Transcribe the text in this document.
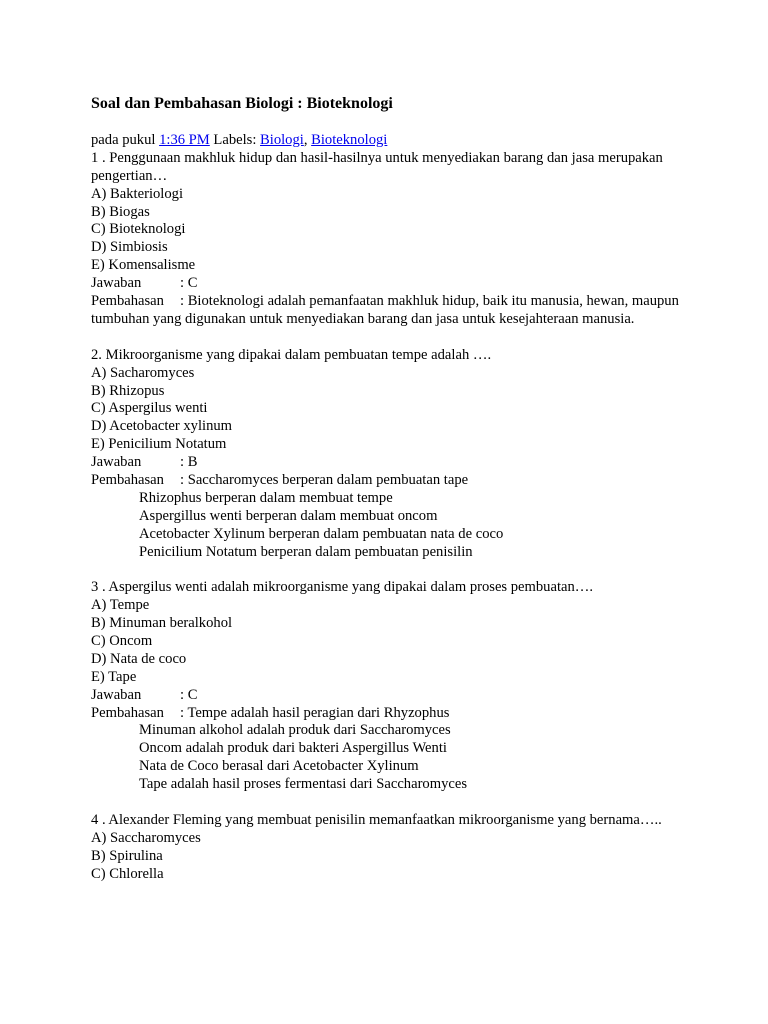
Soal dan Pembahasan Biologi : Bioteknologi
pada pukul 1:36 PM Labels: Biologi, Bioteknologi
1 . Penggunaan makhluk hidup dan hasil-hasilnya untuk menyediakan barang dan jasa merupakan pengertian…
A) Bakteriologi
B) Biogas
C) Bioteknologi
D) Simbiosis
E) Komensalisme
Jawaban	: C
Pembahasan : Bioteknologi adalah pemanfaatan makhluk hidup, baik itu manusia, hewan, maupun tumbuhan yang digunakan untuk menyediakan barang dan jasa untuk kesejahteraan manusia.
2. Mikroorganisme yang dipakai dalam pembuatan tempe adalah ….
A) Sacharomyces
B) Rhizopus
C) Aspergilus wenti
D) Acetobacter xylinum
E) Penicilium Notatum
Jawaban	: B
Pembahasan : Saccharomyces berperan dalam pembuatan tape
Rhizophus berperan dalam membuat tempe
Aspergillus wenti berperan dalam membuat oncom
Acetobacter Xylinum berperan dalam pembuatan nata de coco
Penicilium Notatum berperan dalam pembuatan penisilin
3 . Aspergilus wenti adalah mikroorganisme yang dipakai dalam proses pembuatan….
A) Tempe
B) Minuman beralkohol
C) Oncom
D) Nata de coco
E) Tape
Jawaban	: C
Pembahasan : Tempe adalah hasil peragian dari Rhyzophus
Minuman alkohol adalah produk dari Saccharomyces
Oncom adalah produk dari bakteri Aspergillus Wenti
Nata de Coco berasal dari Acetobacter Xylinum
Tape adalah hasil proses fermentasi dari Saccharomyces
4 . Alexander Fleming yang membuat penisilin memanfaatkan mikroorganisme yang bernama…..
A) Saccharomyces
B) Spirulina
C) Chlorella
